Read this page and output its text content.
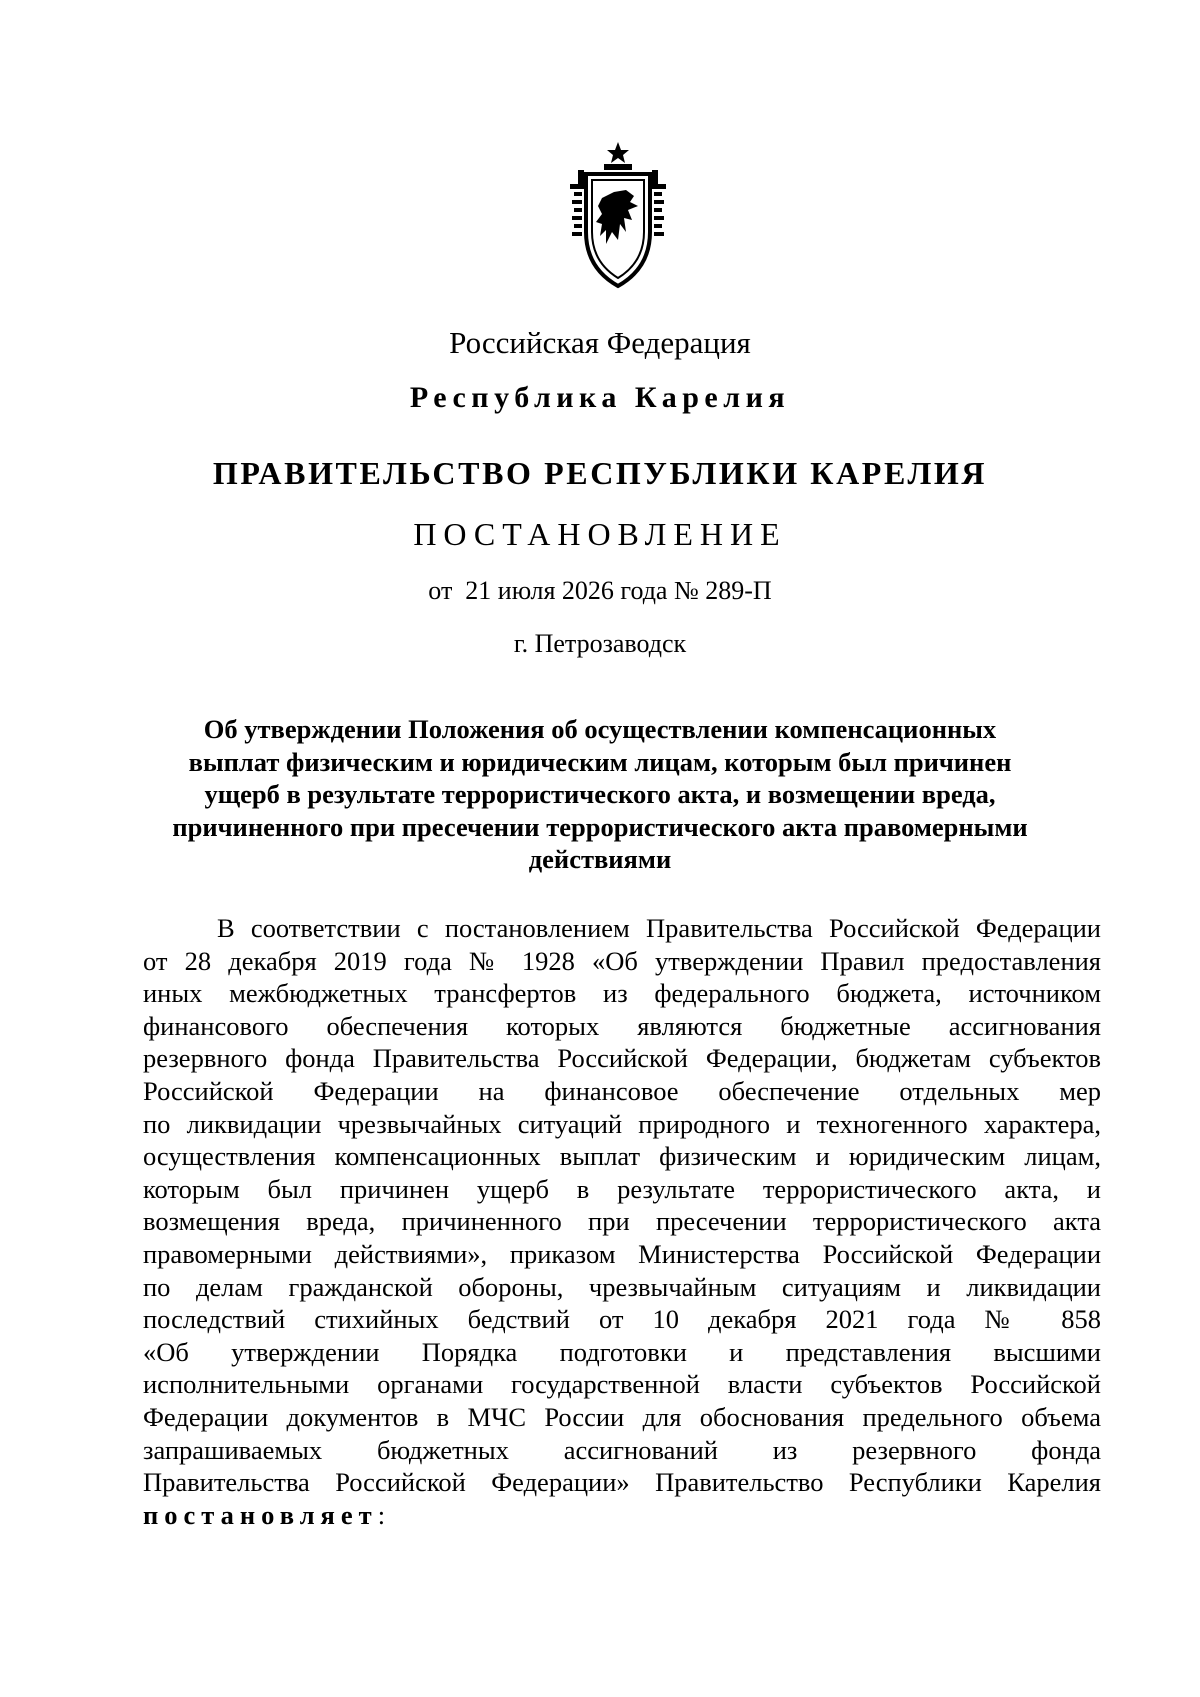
Российская Федерация
Республика Карелия
ПРАВИТЕЛЬСТВО РЕСПУБЛИКИ КАРЕЛИЯ
ПОСТАНОВЛЕНИЕ
от  21 июля 2026 года № 289-П
г. Петрозаводск
Об утверждении Положения об осуществлении компенсационных
выплат физическим и юридическим лицам, которым был причинен
ущерб в результате террористического акта, и возмещении вреда,
причиненного при пресечении террористического акта правомерными
действиями
В соответствии с постановлением Правительства Российской Федерации
от 28 декабря 2019 года № 1928 «Об утверждении Правил предоставления
иных межбюджетных трансфертов из федерального бюджета, источником
финансового обеспечения которых являются бюджетные ассигнования
резервного фонда Правительства Российской Федерации, бюджетам субъектов
Российской Федерации на финансовое обеспечение отдельных мер
по ликвидации чрезвычайных ситуаций природного и техногенного характера,
осуществления компенсационных выплат физическим и юридическим лицам,
которым был причинен ущерб в результате террористического акта, и
возмещения вреда, причиненного при пресечении террористического акта
правомерными действиями», приказом Министерства Российской Федерации
по делам гражданской обороны, чрезвычайным ситуациям и ликвидации
последствий стихийных бедствий от 10 декабря 2021 года № 858
«Об утверждении Порядка подготовки и представления высшими
исполнительными органами государственной власти субъектов Российской
Федерации документов в МЧС России для обоснования предельного объема
запрашиваемых бюджетных ассигнований из резервного фонда
Правительства Российской Федерации» Правительство Республики Карелия
постановляет:
